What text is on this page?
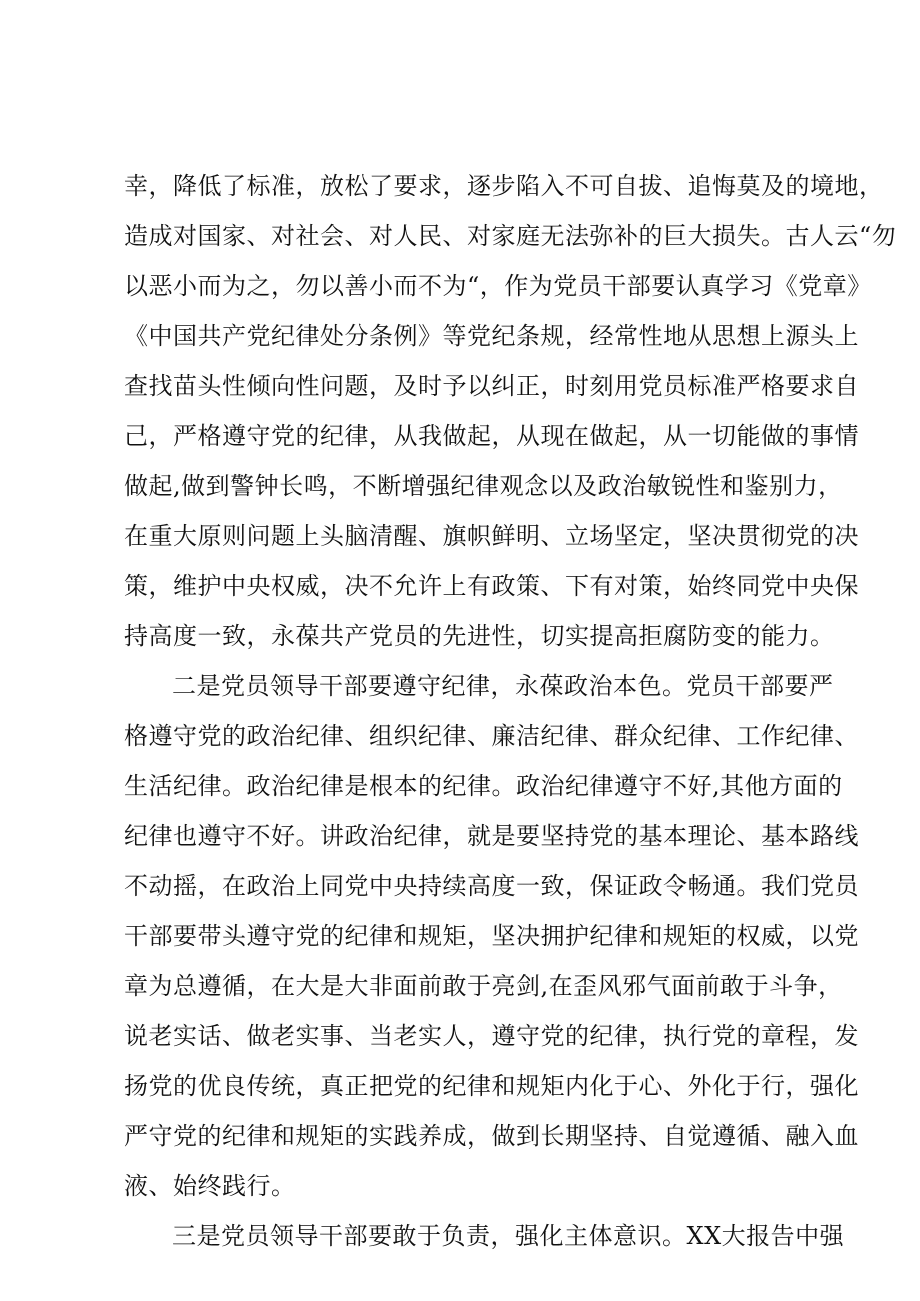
幸，降低了标准，放松了要求，逐步陷入不可自拔、追悔莫及的境地，
造成对国家、对社会、对人民、对家庭无法弥补的巨大损失。古人云“勿
以恶小而为之，勿以善小而不为“，作为党员干部要认真学习《党章》
《中国共产党纪律处分条例》等党纪条规，经常性地从思想上源头上
查找苗头性倾向性问题，及时予以纠正，时刻用党员标准严格要求自
己，严格遵守党的纪律，从我做起，从现在做起，从一切能做的事情
做起,做到警钟长鸣，不断增强纪律观念以及政治敏锐性和鉴别力，
在重大原则问题上头脑清醒、旗帜鲜明、立场坚定，坚决贯彻党的决
策，维护中央权威，决不允许上有政策、下有对策，始终同党中央保
持高度一致，永葆共产党员的先进性，切实提高拒腐防变的能力。
二是党员领导干部要遵守纪律，永葆政治本色。党员干部要严
格遵守党的政治纪律、组织纪律、廉洁纪律、群众纪律、工作纪律、
生活纪律。政治纪律是根本的纪律。政治纪律遵守不好,其他方面的
纪律也遵守不好。讲政治纪律，就是要坚持党的基本理论、基本路线
不动摇，在政治上同党中央持续高度一致，保证政令畅通。我们党员
干部要带头遵守党的纪律和规矩，坚决拥护纪律和规矩的权威，以党
章为总遵循，在大是大非面前敢于亮剑,在歪风邪气面前敢于斗争，
说老实话、做老实事、当老实人，遵守党的纪律，执行党的章程，发
扬党的优良传统，真正把党的纪律和规矩内化于心、外化于行，强化
严守党的纪律和规矩的实践养成，做到长期坚持、自觉遵循、融入血
液、始终践行。
三是党员领导干部要敢于负责，强化主体意识。XX大报告中强
